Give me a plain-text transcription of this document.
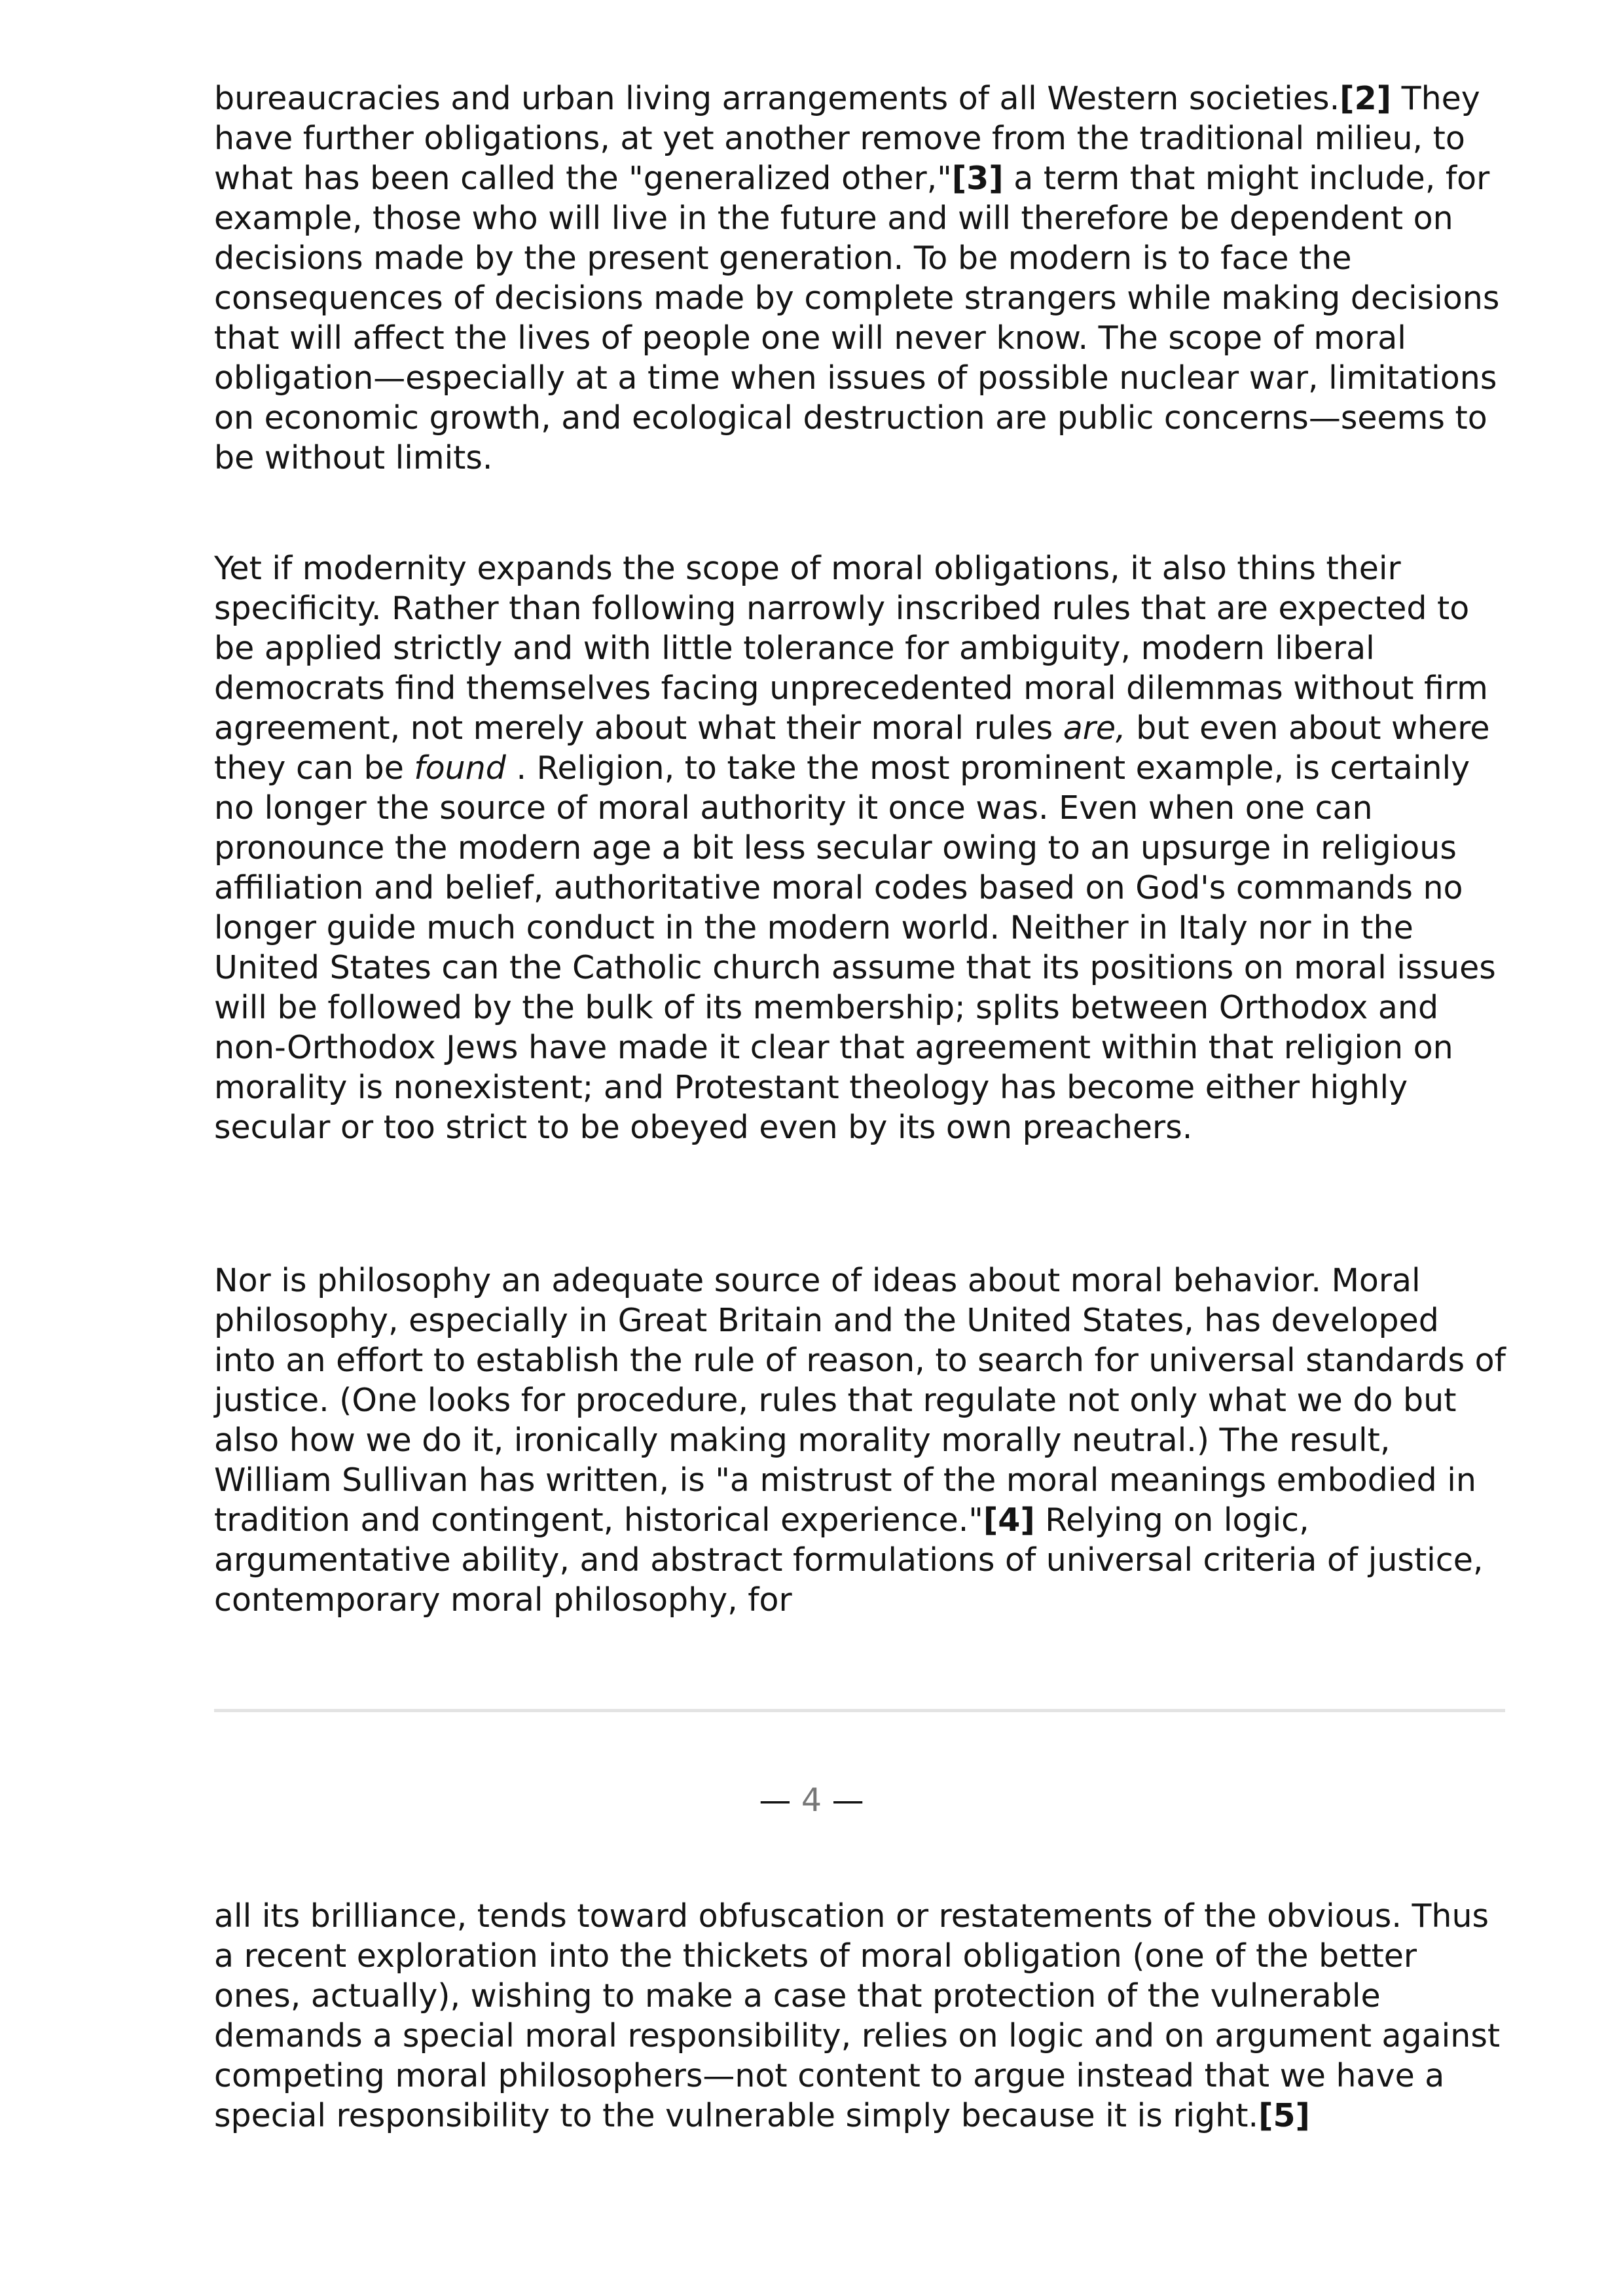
bureaucracies and urban living arrangements of all Western societies.[2] They have further obligations, at yet another remove from the traditional milieu, to what has been called the "generalized other,"[3] a term that might include, for example, those who will live in the future and will therefore be dependent on decisions made by the present generation. To be modern is to face the consequences of decisions made by complete strangers while making decisions that will affect the lives of people one will never know. The scope of moral obligation—especially at a time when issues of possible nuclear war, limitations on economic growth, and ecological destruction are public concerns—seems to be without limits.

Yet if modernity expands the scope of moral obligations, it also thins their specificity. Rather than following narrowly inscribed rules that are expected to be applied strictly and with little tolerance for ambiguity, modern liberal democrats find themselves facing unprecedented moral dilemmas without firm agreement, not merely about what their moral rules are, but even about where they can be found . Religion, to take the most prominent example, is certainly no longer the source of moral authority it once was. Even when one can pronounce the modern age a bit less secular owing to an upsurge in religious affiliation and belief, authoritative moral codes based on God's commands no longer guide much conduct in the modern world. Neither in Italy nor in the United States can the Catholic church assume that its positions on moral issues will be followed by the bulk of its membership; splits between Orthodox and non-Orthodox Jews have made it clear that agreement within that religion on morality is nonexistent; and Protestant theology has become either highly secular or too strict to be obeyed even by its own preachers.

Nor is philosophy an adequate source of ideas about moral behavior. Moral philosophy, especially in Great Britain and the United States, has developed into an effort to establish the rule of reason, to search for universal standards of justice. (One looks for procedure, rules that regulate not only what we do but also how we do it, ironically making morality morally neutral.) The result, William Sullivan has written, is "a mistrust of the moral meanings embodied in tradition and contingent, historical experience."[4] Relying on logic, argumentative ability, and abstract formulations of universal criteria of justice, contemporary moral philosophy, for

— 4 —

all its brilliance, tends toward obfuscation or restatements of the obvious. Thus a recent exploration into the thickets of moral obligation (one of the better ones, actually), wishing to make a case that protection of the vulnerable demands a special moral responsibility, relies on logic and on argument against competing moral philosophers—not content to argue instead that we have a special responsibility to the vulnerable simply because it is right.[5]
